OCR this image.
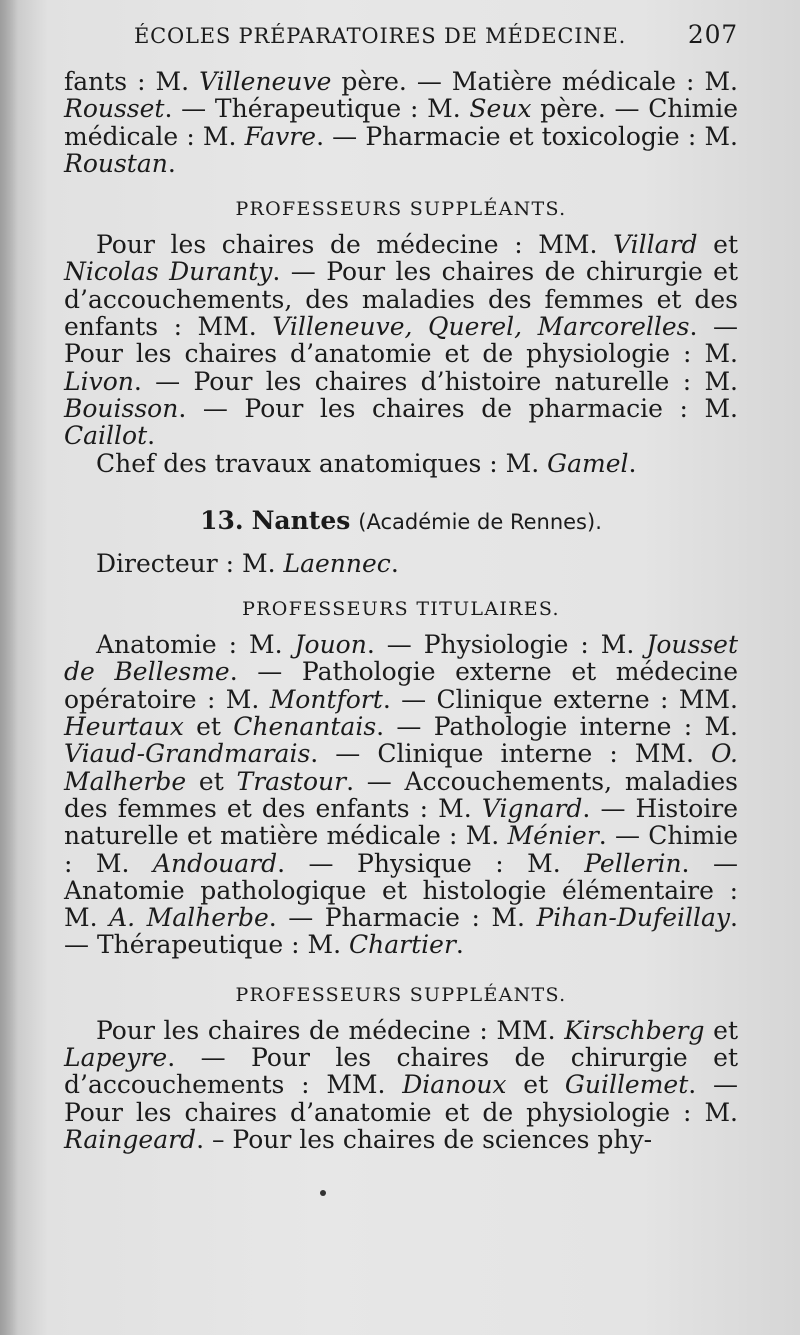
ÉCOLES PRÉPARATOIRES DE MÉDECINE. 207

fants : M. Villeneuve père. — Matière médicale : M. Rousset. — Thérapeutique : M. Seux père. — Chimie médicale : M. Favre. — Pharmacie et toxicologie : M. Roustan.

PROFESSEURS SUPPLÉANTS.

Pour les chaires de médecine : MM. Villard et Nicolas Duranty. — Pour les chaires de chirurgie et d’accouchements, des maladies des femmes et des enfants : MM. Villeneuve, Querel, Marcorelles. — Pour les chaires d’anatomie et de physiologie : M. Livon. — Pour les chaires d’histoire naturelle : M. Bouisson. — Pour les chaires de pharmacie : M. Caillot.

Chef des travaux anatomiques : M. Gamel.

13. Nantes (Académie de Rennes).

Directeur : M. Laennec.

PROFESSEURS TITULAIRES.

Anatomie : M. Jouon. — Physiologie : M. Jousset de Bellesme. — Pathologie externe et médecine opératoire : M. Montfort. — Clinique externe : MM. Heurtaux et Chenantais. — Pathologie interne : M. Viaud-Grandmarais. — Clinique interne : MM. O. Malherbe et Trastour. — Accouchements, maladies des femmes et des enfants : M. Vignard. — Histoire naturelle et matière médicale : M. Ménier. — Chimie : M. Andouard. — Physique : M. Pellerin. — Anatomie pathologique et histologie élémentaire : M. A. Malherbe. — Pharmacie : M. Pihan-Dufeillay. — Thérapeutique : M. Chartier.

PROFESSEURS SUPPLÉANTS.

Pour les chaires de médecine : MM. Kirschberg et Lapeyre. — Pour les chaires de chirurgie et d’accouchements : MM. Dianoux et Guillemet. — Pour les chaires d’anatomie et de physiologie : M. Raingeard. – Pour les chaires de sciences phy-
